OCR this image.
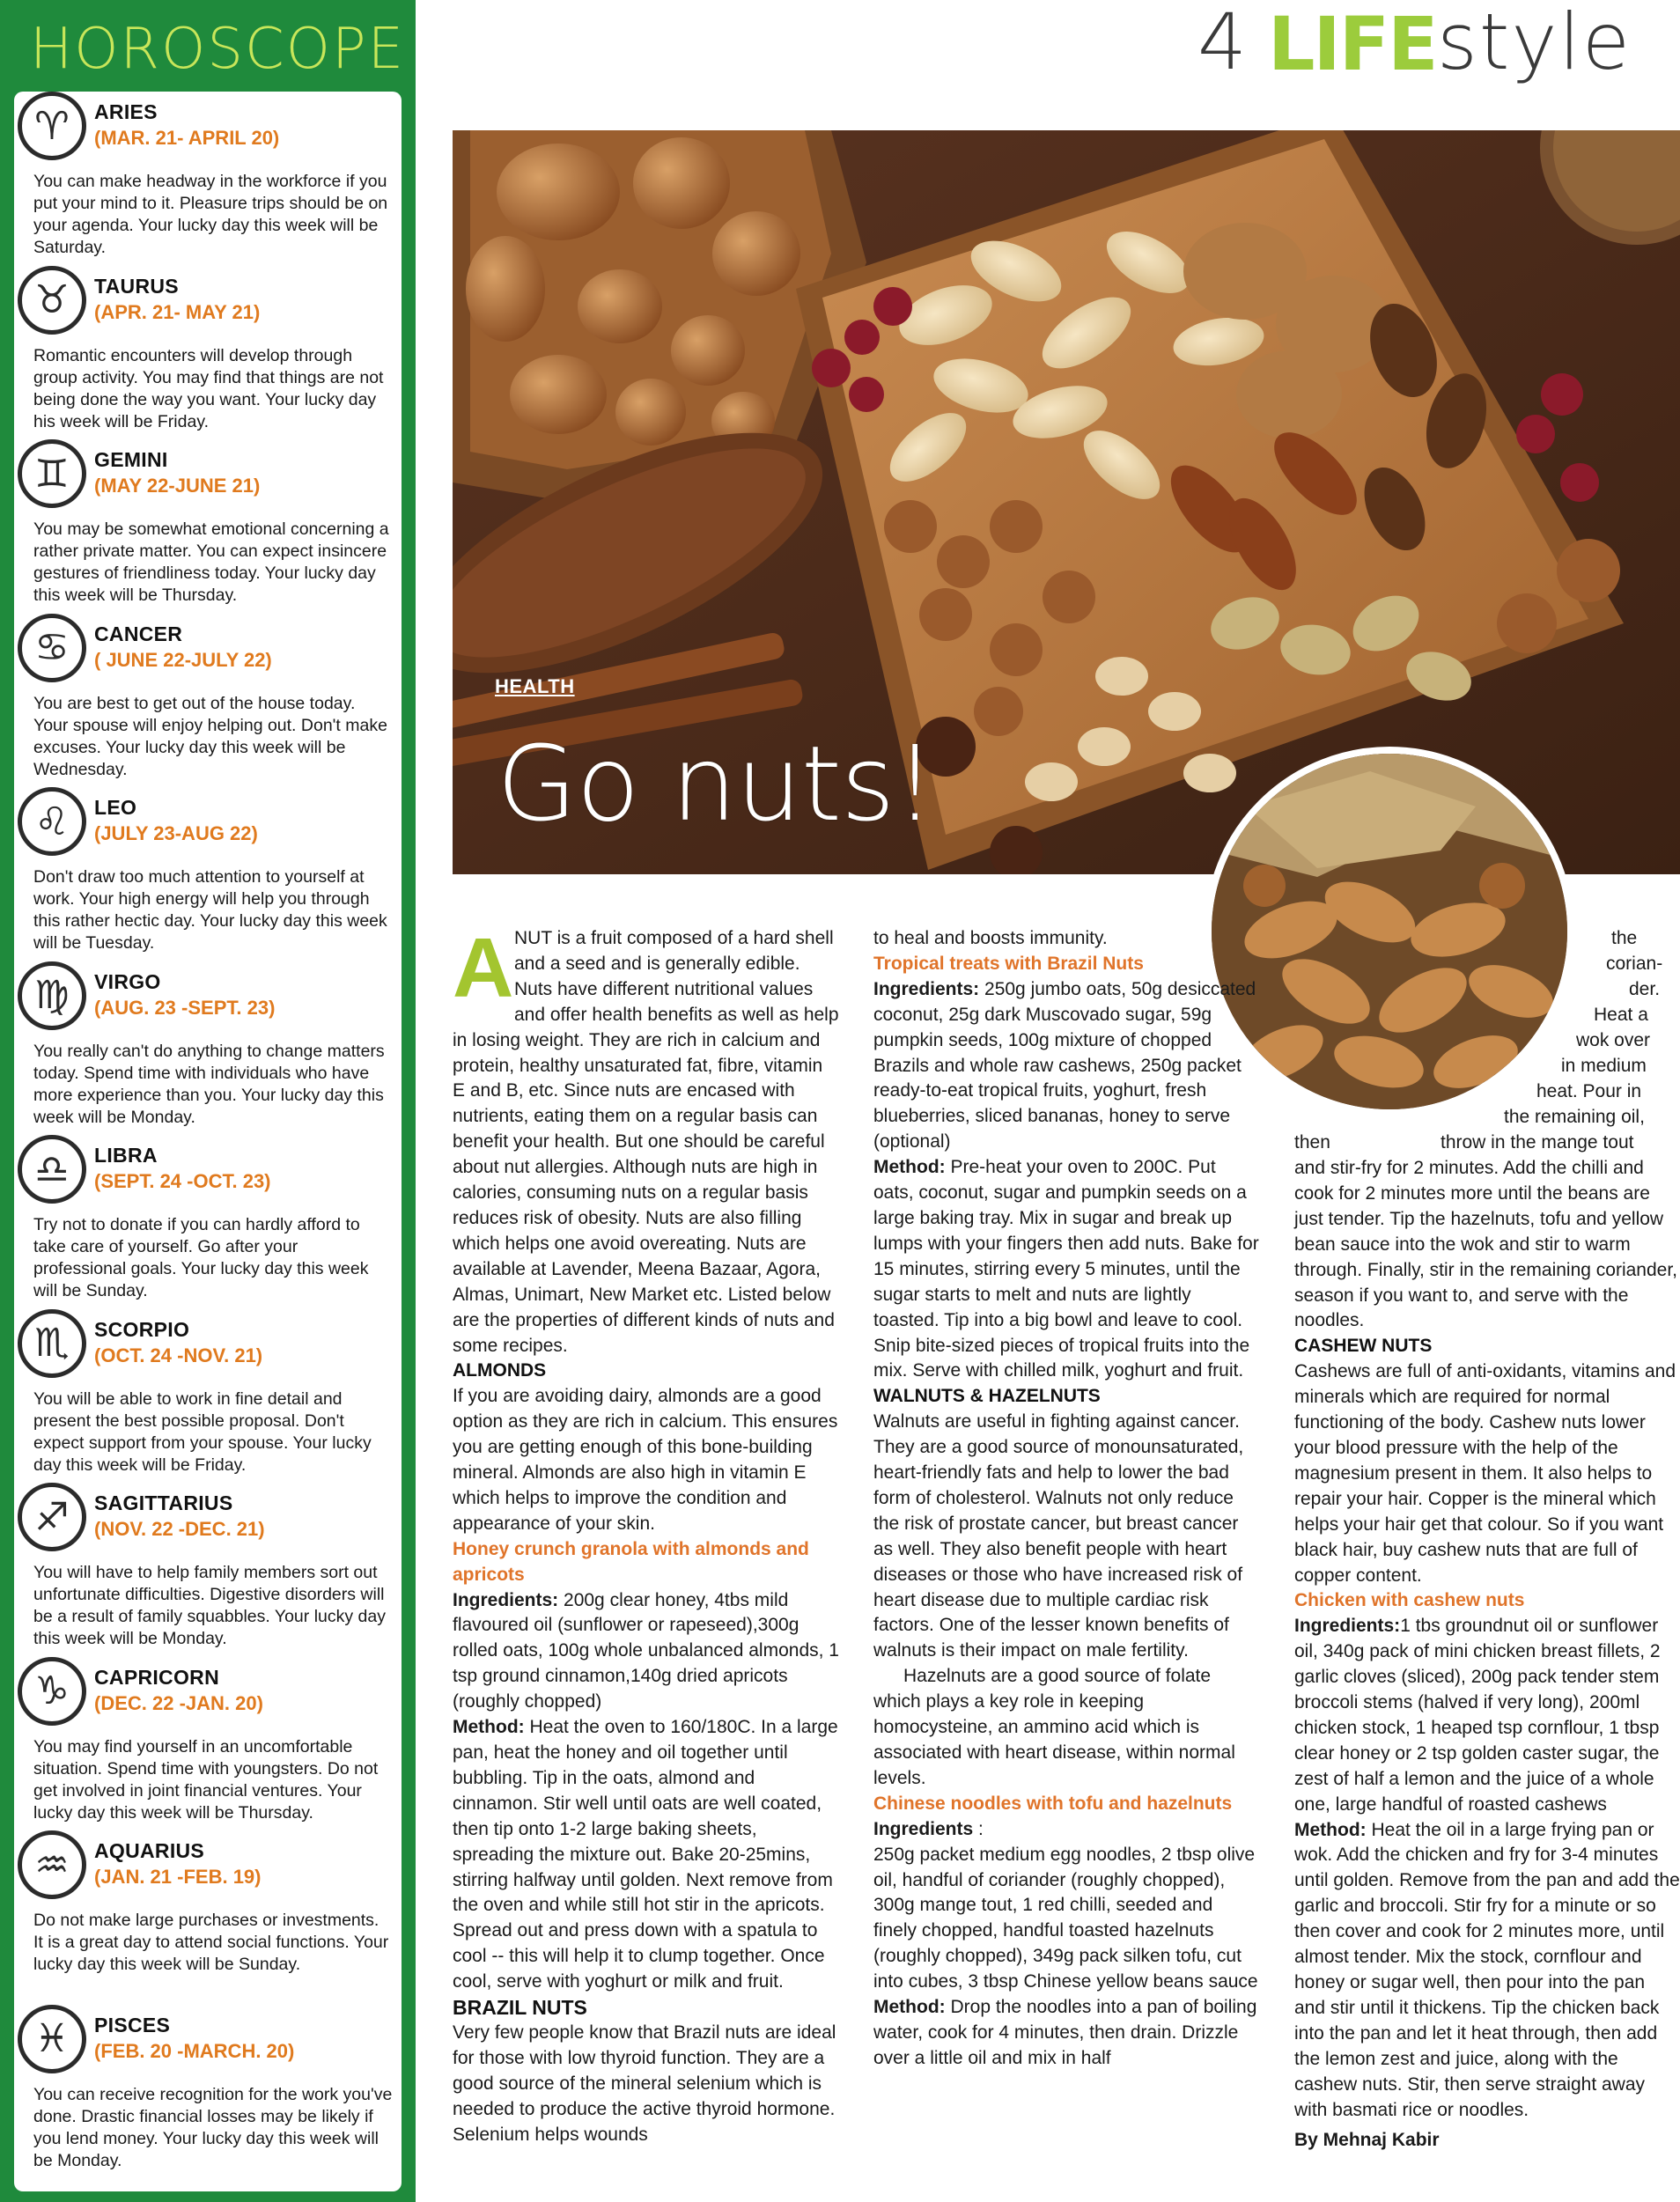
HOROSCOPE
♈	ARIES
(MAR. 21- APRIL 20)
You can make headway in the workforce if you put your mind to it. Pleasure trips should be on your agenda. Your lucky day this week will be Saturday.
♉	TAURUS
(APR. 21- MAY 21)
Romantic encounters will develop through group activity. You may find that things are not being done the way you want. Your lucky day his week will be Friday.
♊	GEMINI
(MAY 22-JUNE 21)
You may be somewhat emotional concerning a rather private matter. You can expect insincere gestures of friendliness today. Your lucky day this week will be Thursday.
♋	CANCER
( JUNE 22-JULY 22)
You are best to get out of the house today. Your spouse will enjoy helping out. Don't make excuses. Your lucky day this week will be Wednesday.
♌	LEO
(JULY 23-AUG 22)
Don't draw too much attention to yourself at work. Your high energy will help you through this rather hectic day. Your lucky day this week will be Tuesday.
♍	VIRGO
(AUG. 23 -SEPT. 23)
You really can't do anything to change matters today. Spend time with individuals who have more experience than you. Your lucky day this week will be Monday.
♎	LIBRA
(SEPT. 24 -OCT. 23)
Try not to donate if you can hardly afford to take care of yourself. Go after your professional goals. Your lucky day this week will be Sunday.
♏	SCORPIO
(OCT. 24 -NOV. 21)
You will be able to work in fine detail and present the best possible proposal. Don't expect support from your spouse. Your lucky day this week will be Friday.
♐	SAGITTARIUS
(NOV. 22 -DEC. 21)
You will have to help family members sort out unfortunate difficulties. Digestive disorders will be a result of family squabbles. Your lucky day this week will be Monday.
♑	CAPRICORN
(DEC. 22 -JAN. 20)
You may find yourself in an uncomfortable situation. Spend time with youngsters. Do not get involved in joint financial ventures. Your lucky day this week will be Thursday.
♒	AQUARIUS
(JAN. 21 -FEB. 19)
Do not make large purchases or investments. It is a great day to attend social functions. Your lucky day this week will be Sunday.
♓	PISCES
(FEB. 20 -MARCH. 20)
You can receive recognition for the work you've done. Drastic financial losses may be likely if you lend money. Your lucky day this week will be Monday.
4 LIFE style
HEALTH
Go nuts!
A NUT is a fruit composed of a hard shell and a seed and is generally edible. Nuts have different nutritional values and offer health benefits as well as help in losing weight. They are rich in calcium and protein, healthy unsaturated fat, fibre, vitamin E and B, etc. Since nuts are encased with nutrients, eating them on a regular basis can benefit your health. But one should be careful about nut allergies. Although nuts are high in calories, consuming nuts on a regular basis reduces risk of obesity. Nuts are also filling which helps one avoid overeating. Nuts are available at Lavender, Meena Bazaar, Agora, Almas, Unimart, New Market etc. Listed below are the properties of different kinds of nuts and some recipes.

ALMONDS

If you are avoiding dairy, almonds are a good option as they are rich in calcium. This ensures you are getting enough of this bone-building mineral. Almonds are also high in vitamin E which helps to improve the condition and appearance of your skin.

Honey crunch granola with almonds and apricots

Ingredients: 200g clear honey, 4tbs mild flavoured oil (sunflower or rapeseed),300g rolled oats, 100g whole unbalanced almonds, 1 tsp ground cinnamon,140g dried apricots (roughly chopped)

Method: Heat the oven to 160/180C. In a large pan, heat the honey and oil together until bubbling. Tip in the oats, almond and cinnamon. Stir well until oats are well coated, then tip onto 1-2 large baking sheets, spreading the mixture out. Bake 20-25mins, stirring halfway until golden. Next remove from the oven and while still hot stir in the apricots. Spread out and press down with a spatula to cool -- this will help it to clump together. Once cool, serve with yoghurt or milk and fruit.

BRAZIL NUTS

Very few people know that Brazil nuts are ideal for those with low thyroid function. They are a good source of the mineral selenium which is needed to produce the active thyroid hormone. Selenium helps wounds

to heal and boosts immunity.

Tropical treats with Brazil Nuts

Ingredients: 250g jumbo oats, 50g desiccated coconut, 25g dark Muscovado sugar, 59g pumpkin seeds, 100g mixture of chopped Brazils and whole raw cashews, 250g packet ready-to-eat tropical fruits, yoghurt, fresh blueberries, sliced bananas, honey to serve (optional)

Method: Pre-heat your oven to 200C. Put oats, coconut, sugar and pumpkin seeds on a large baking tray. Mix in sugar and break up lumps with your fingers then add nuts. Bake for 15 minutes, stirring every 5 minutes, until the sugar starts to melt and nuts are lightly toasted. Tip into a big bowl and leave to cool. Snip bite-sized pieces of tropical fruits into the mix. Serve with chilled milk, yoghurt and fruit.

WALNUTS & HAZELNUTS

Walnuts are useful in fighting against cancer. They are a good source of monounsaturated, heart-friendly fats and help to lower the bad form of cholesterol. Walnuts not only reduce the risk of prostate cancer, but breast cancer as well. They also benefit people with heart diseases or those who have increased risk of heart disease due to multiple cardiac risk factors. One of the lesser known benefits of walnuts is their impact on male fertility.

Hazelnuts are a good source of folate which plays a key role in keeping homocysteine, an ammino acid which is associated with heart disease, within normal levels.

Chinese noodles with tofu and hazelnuts

Ingredients :

250g packet medium egg noodles, 2 tbsp olive oil, handful of coriander (roughly chopped), 300g mange tout, 1 red chilli, seeded and finely chopped, handful toasted hazelnuts (roughly chopped), 349g pack silken tofu, cut into cubes, 3 tbsp Chinese yellow beans sauce

Method: Drop the noodles into a pan of boiling water, cook for 4 minutes, then drain. Drizzle over a little oil and mix in half

the
corian-
der.
Heat a
wok over
in medium
heat. Pour in
the remaining oil,
then	throw in the mange tout

and stir-fry for 2 minutes. Add the chilli and cook for 2 minutes more until the beans are just tender. Tip the hazelnuts, tofu and yellow bean sauce into the wok and stir to warm through. Finally, stir in the remaining coriander, season if you want to, and serve with the noodles.

CASHEW NUTS

Cashews are full of anti-oxidants, vitamins and minerals which are required for normal functioning of the body. Cashew nuts lower your blood pressure with the help of the magnesium present in them. It also helps to repair your hair. Copper is the mineral which helps your hair get that colour. So if you want black hair, buy cashew nuts that are full of copper content.

Chicken with cashew nuts

Ingredients:1 tbs groundnut oil or sunflower oil, 340g pack of mini chicken breast fillets, 2 garlic cloves (sliced), 200g pack tender stem broccoli stems (halved if very long), 200ml chicken stock, 1 heaped tsp cornflour, 1 tbsp clear honey or 2 tsp golden caster sugar, the zest of half a lemon and the juice of a whole one, large handful of roasted cashews

Method: Heat the oil in a large frying pan or wok. Add the chicken and fry for 3-4 minutes until golden. Remove from the pan and add the garlic and broccoli. Stir fry for a minute or so then cover and cook for 2 minutes more, until almost tender. Mix the stock, cornflour and honey or sugar well, then pour into the pan and stir until it thickens. Tip the chicken back into the pan and let it heat through, then add the lemon zest and juice, along with the cashew nuts. Stir, then serve straight away with basmati rice or noodles.

By Mehnaj Kabir
